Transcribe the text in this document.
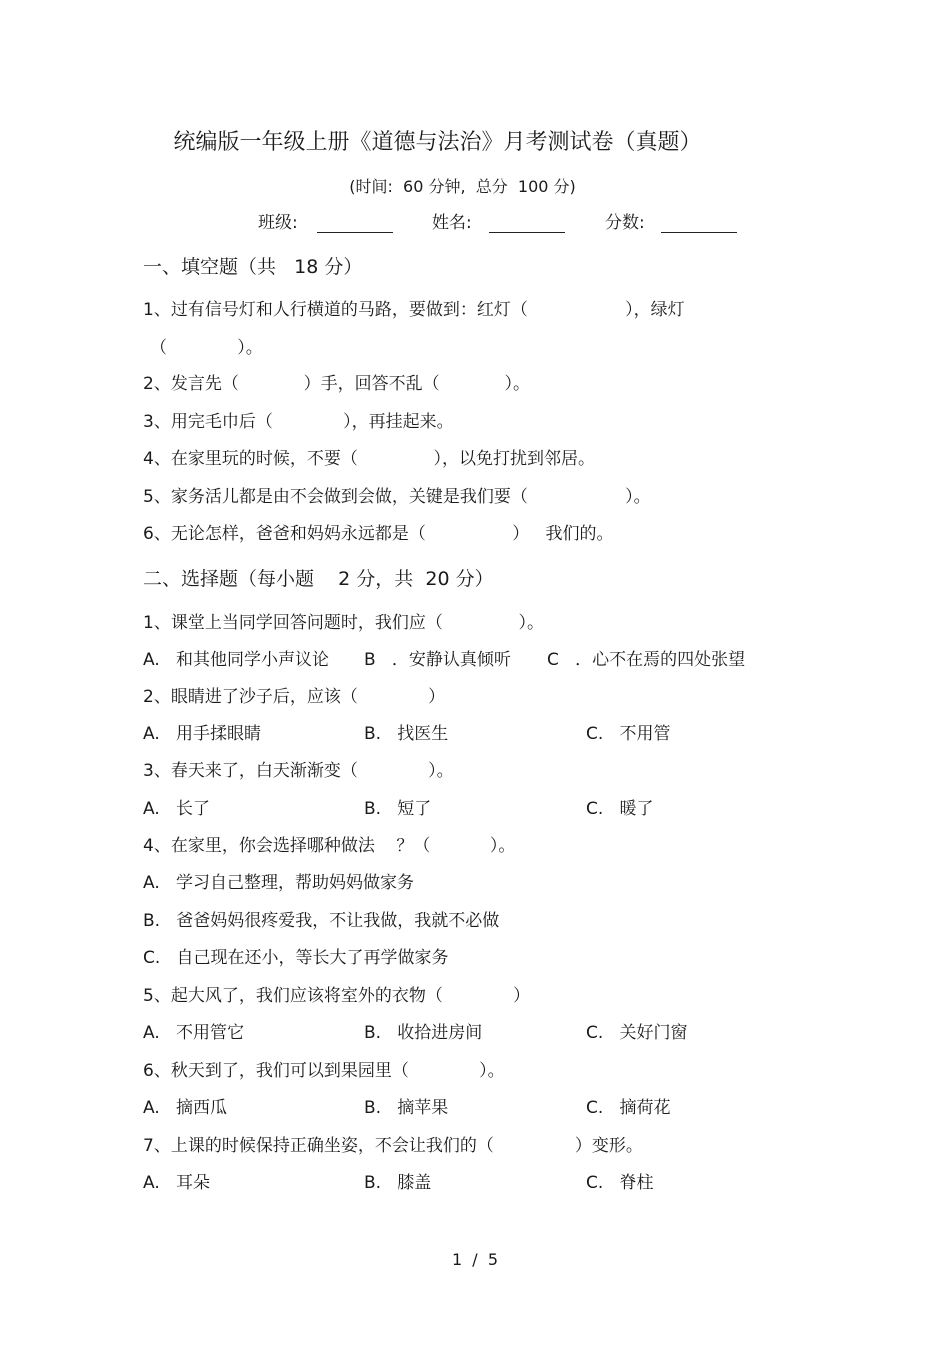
统编版一年级上册《道德与法治》月考测试卷（真题）
(时间:  60 分钟,  总分  100 分)
班级:	姓名:	分数:
一、填空题（共   18 分）
1、过有信号灯和人行横道的马路，要做到：红灯（                  ），绿灯
（             ）。
2、发言先（            ）手，回答不乱（            ）。
3、用完毛巾后（             ），再挂起来。
4、在家里玩的时候，不要（              ），以免打扰到邻居。
5、家务活儿都是由不会做到会做，关键是我们要（                  ）。
6、无论怎样，爸爸和妈妈永远都是（                ）   我们的。
二、选择题（每小题    2 分，共  20 分）
1、课堂上当同学回答问题时，我们应（              ）。
A.   和其他同学小声议论 B   ．安静认真倾听 C   ．心不在焉的四处张望
2、眼睛进了沙子后，应该（             ）
A.   用手揉眼睛	B.   找医生	C.   不用管
3、春天来了，白天渐渐变（             ）。
A.   长了	B.   短了	C.   暖了
4、在家里，你会选择哪种做法    ？（           ）。
A.   学习自己整理，帮助妈妈做家务
B.   爸爸妈妈很疼爱我，不让我做，我就不必做
C.   自己现在还小，等长大了再学做家务
5、起大风了，我们应该将室外的衣物（             ）
A.   不用管它	B.   收拾进房间	C.   关好门窗
6、秋天到了，我们可以到果园里（             ）。
A.   摘西瓜	B.   摘苹果	C.   摘荷花
7、上课的时候保持正确坐姿，不会让我们的（               ）变形。
A.   耳朵	B.   膝盖	C.   脊柱
1  /  5
